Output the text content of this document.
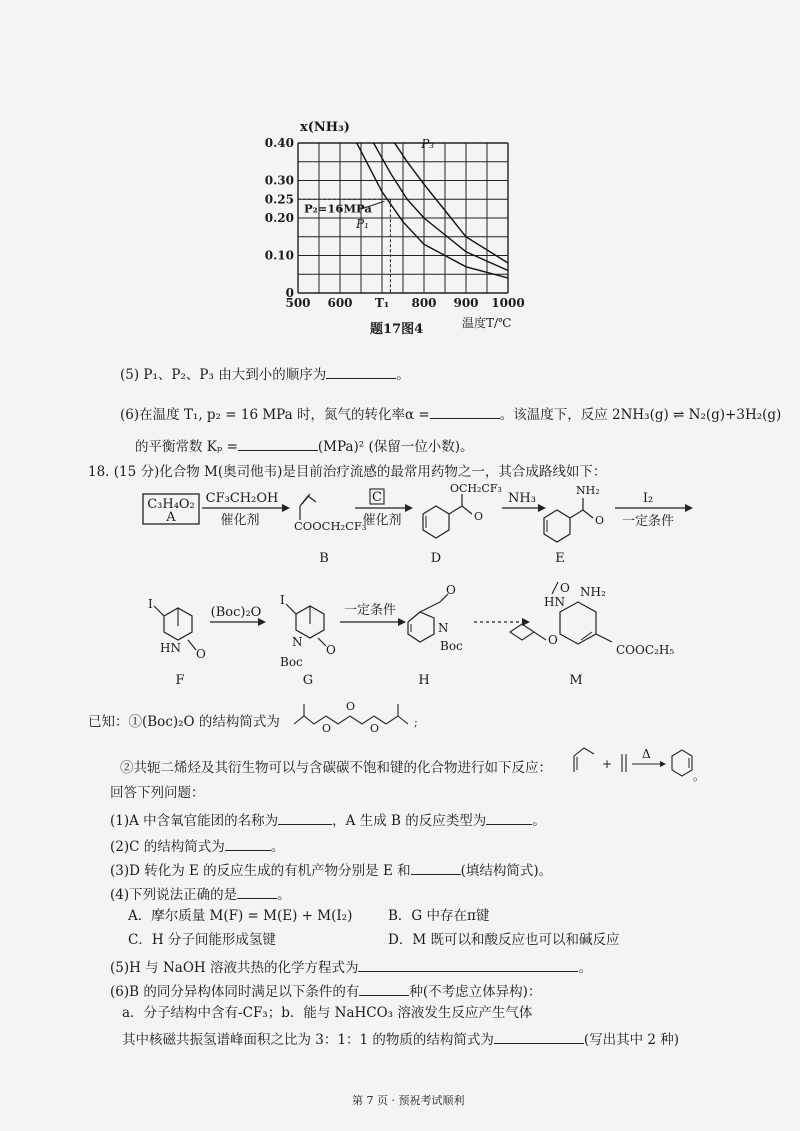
P₁
P₃
P₂=16MPa
500 600 T₁ 800 900 1000
0
0.10
0.20
0.25
0.30
0.40
x(NH₃)
温度T/℃
题17图4
(5) P₁、P₂、P₃ 由大到小的顺序为	。
(6)在温度 T₁, p₂ = 16 MPa 时，氮气的转化率α =	。该温度下，反应 2NH₃(g) ⇌ N₂(g)+3H₂(g)
的平衡常数 Kₚ =	(MPa)² (保留一位小数)。
18. (15 分)化合物 M(奥司他韦)是目前治疗流感的最常用药物之一，其合成路线如下：
C₃H₄O₂
A
CF₃CH₂OH
催化剂	COOCH₂CF₃
B
C
催化剂	O
OCH₂CF₃
D
NH₃
O
NH₂
E
I₂
一定条件
I
HN O
F
(Boc)₂O
I
N
O
Boc
G
一定条件
O
N
Boc
H
HN
O NH₂
O
COOC₂H₅
M
已知：①(Boc)₂O 的结构简式为	O
O
O	;
②共轭二烯烃及其衍生物可以与含碳碳不饱和键的化合物进行如下反应：	+
Δ
。
回答下列问题：
(1)A 中含氧官能团的名称为	，A 生成 B 的反应类型为	。
(2)C 的结构简式为	。
(3)D 转化为 E 的反应生成的有机产物分别是 E 和	(填结构简式)。
(4)下列说法正确的是	。
A．摩尔质量 M(F) = M(E) + M(I₂)	B．G 中存在π键
C．H 分子间能形成氢键	D．M 既可以和酸反应也可以和碱反应
(5)H 与 NaOH 溶液共热的化学方程式为	。
(6)B 的同分异构体同时满足以下条件的有	种(不考虑立体异构)：
a．分子结构中含有-CF₃；b．能与 NaHCO₃ 溶液发生反应产生气体
其中核磁共振氢谱峰面积之比为 3：1：1 的物质的结构简式为	(写出其中 2 种)
第 7 页 · 预祝考试顺利
